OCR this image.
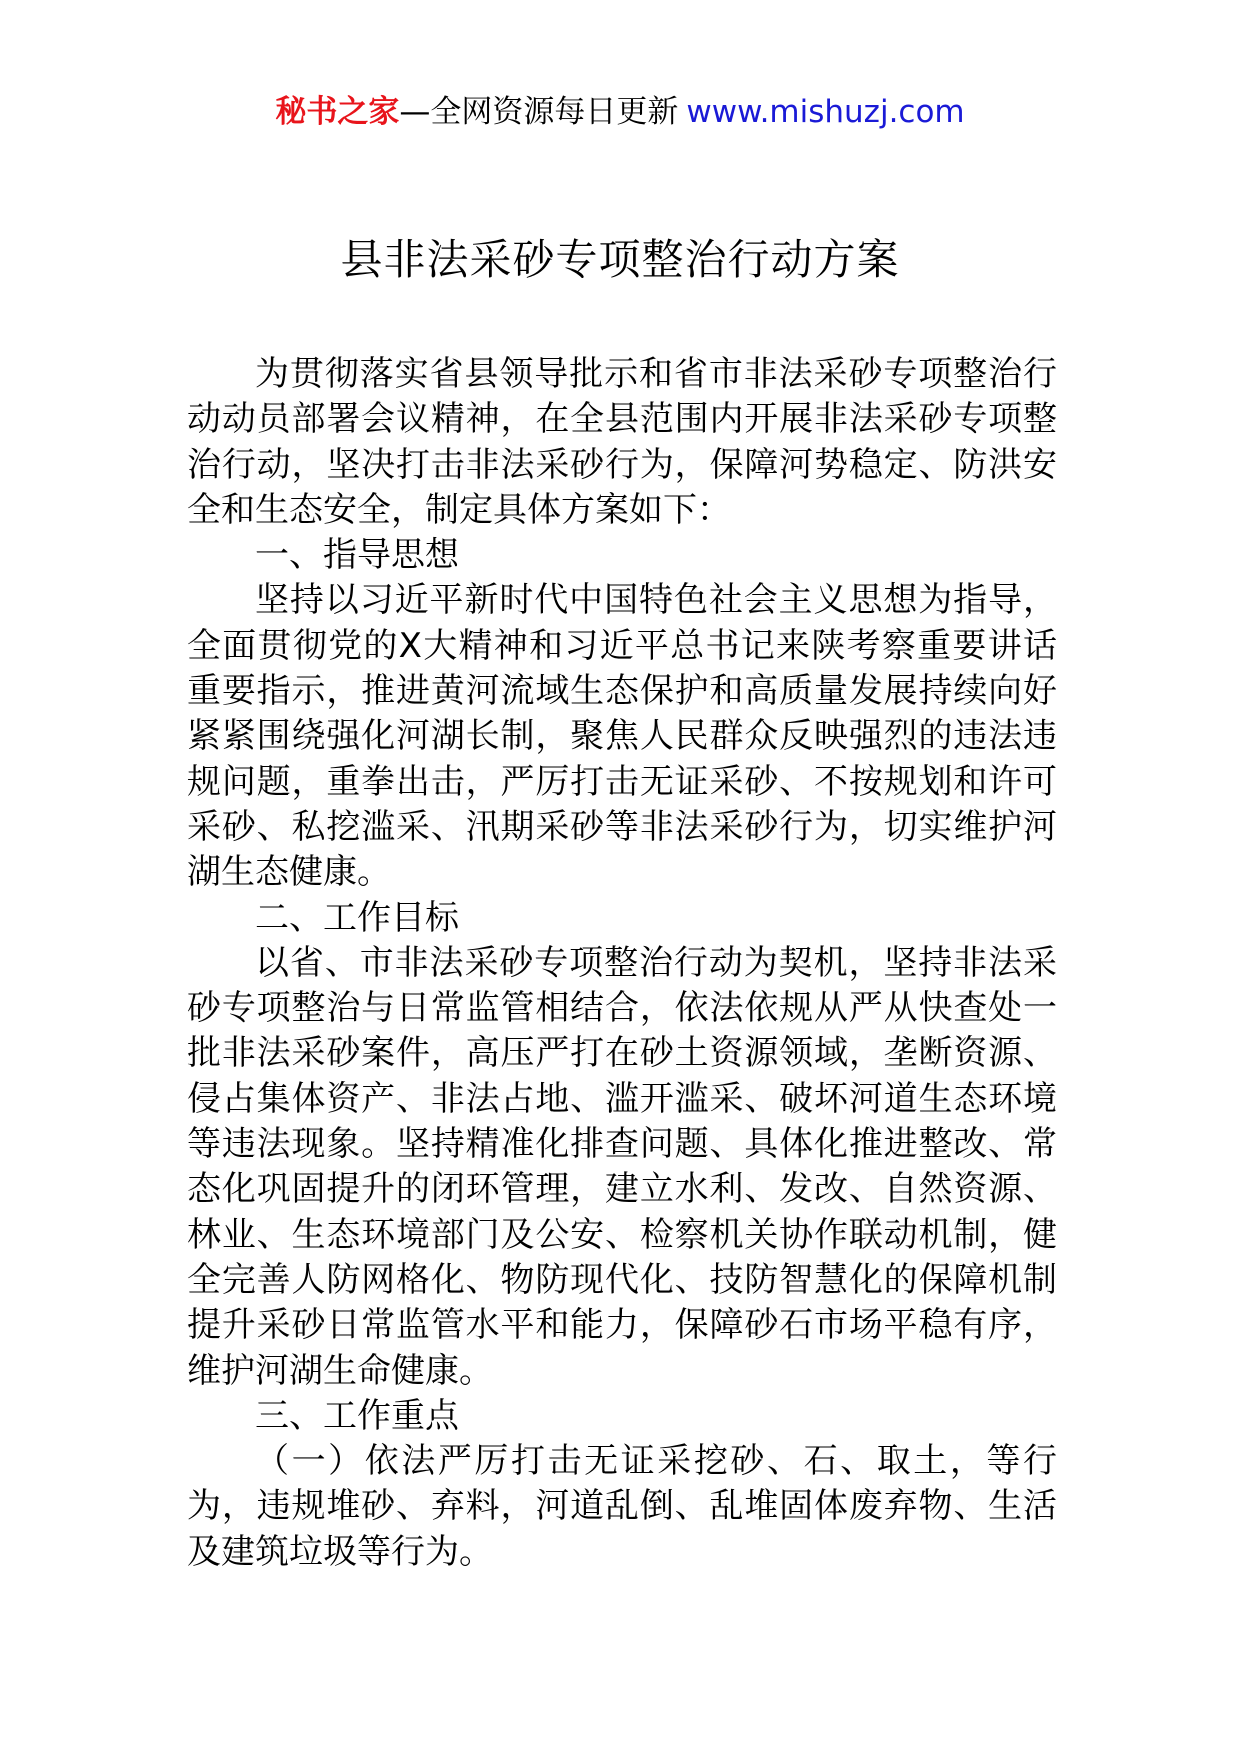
秘书之家—全网资源每日更新 www.mishuzj.com
县非法采砂专项整治行动方案

为贯彻落实省县领导批示和省市非法采砂专项整治行动动员部署会议精神，在全县范围内开展非法采砂专项整治行动，坚决打击非法采砂行为，保障河势稳定、防洪安全和生态安全，制定具体方案如下：

一、指导思想

坚持以习近平新时代中国特色社会主义思想为指导，全面贯彻党的X大精神和习近平总书记来陕考察重要讲话重要指示，推进黄河流域生态保护和高质量发展持续向好紧紧围绕强化河湖长制，聚焦人民群众反映强烈的违法违规问题，重拳出击，严厉打击无证采砂、不按规划和许可采砂、私挖滥采、汛期采砂等非法采砂行为，切实维护河湖生态健康。

二、工作目标

以省、市非法采砂专项整治行动为契机，坚持非法采砂专项整治与日常监管相结合，依法依规从严从快查处一批非法采砂案件，高压严打在砂土资源领域，垄断资源、侵占集体资产、非法占地、滥开滥采、破坏河道生态环境等违法现象。坚持精准化排查问题、具体化推进整改、常态化巩固提升的闭环管理，建立水利、发改、自然资源、林业、生态环境部门及公安、检察机关协作联动机制，健全完善人防网格化、物防现代化、技防智慧化的保障机制提升采砂日常监管水平和能力，保障砂石市场平稳有序，维护河湖生命健康。

三、工作重点

（一）依法严厉打击无证采挖砂、石、取土，等行为，违规堆砂、弃料，河道乱倒、乱堆固体废弃物、生活及建筑垃圾等行为。
